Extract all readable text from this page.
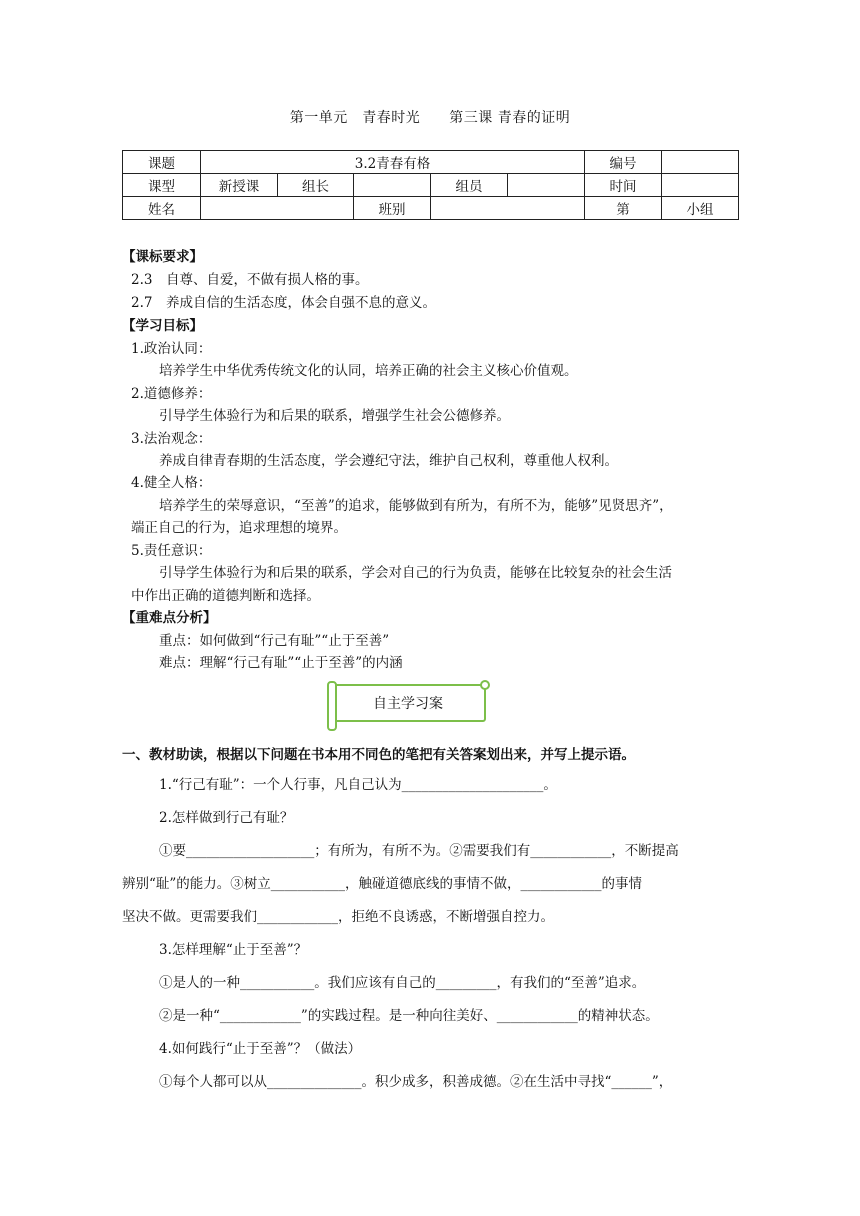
第一单元　青春时光　　第三课 青春的证明
课题	3.2青春有格					编号	
课型	新授课	组长		组员		时间	
姓名			班别			第	小组
【课标要求】
2.3　自尊、自爱，不做有损人格的事。
2.7　养成自信的生活态度，体会自强不息的意义。
【学习目标】
1.政治认同：
培养学生中华优秀传统文化的认同，培养正确的社会主义核心价值观。
2.道德修养：
引导学生体验行为和后果的联系，增强学生社会公德修养。
3.法治观念：
养成自律青春期的生活态度，学会遵纪守法，维护自己权利，尊重他人权利。
4.健全人格：
培养学生的荣辱意识，“至善”的追求，能够做到有所为，有所不为，能够”见贤思齐”，
端正自己的行为，追求理想的境界。
5.责任意识：
引导学生体验行为和后果的联系，学会对自己的行为负责，能够在比较复杂的社会生活
中作出正确的道德判断和选择。
【重难点分析】
重点：如何做到“行己有耻”“止于至善”
难点：理解“行己有耻”“止于至善”的内涵
自主学习案
一、教材助读，根据以下问题在书本用不同色的笔把有关答案划出来，并写上提示语。
1.“行己有耻”：一个人行事，凡自己认为_____________________。
2.怎样做到行己有耻？
①要___________________；有所为，有所不为。②需要我们有____________，不断提高
辨别“耻”的能力。③树立___________，触碰道德底线的事情不做，____________的事情
坚决不做。更需要我们____________，拒绝不良诱惑，不断增强自控力。
3.怎样理解“止于至善”？
①是人的一种___________。我们应该有自己的_________，有我们的“至善”追求。
②是一种“____________”的实践过程。是一种向往美好、____________的精神状态。
4.如何践行“止于至善”？（做法）
①每个人都可以从______________。积少成多，积善成德。②在生活中寻找“______”，
